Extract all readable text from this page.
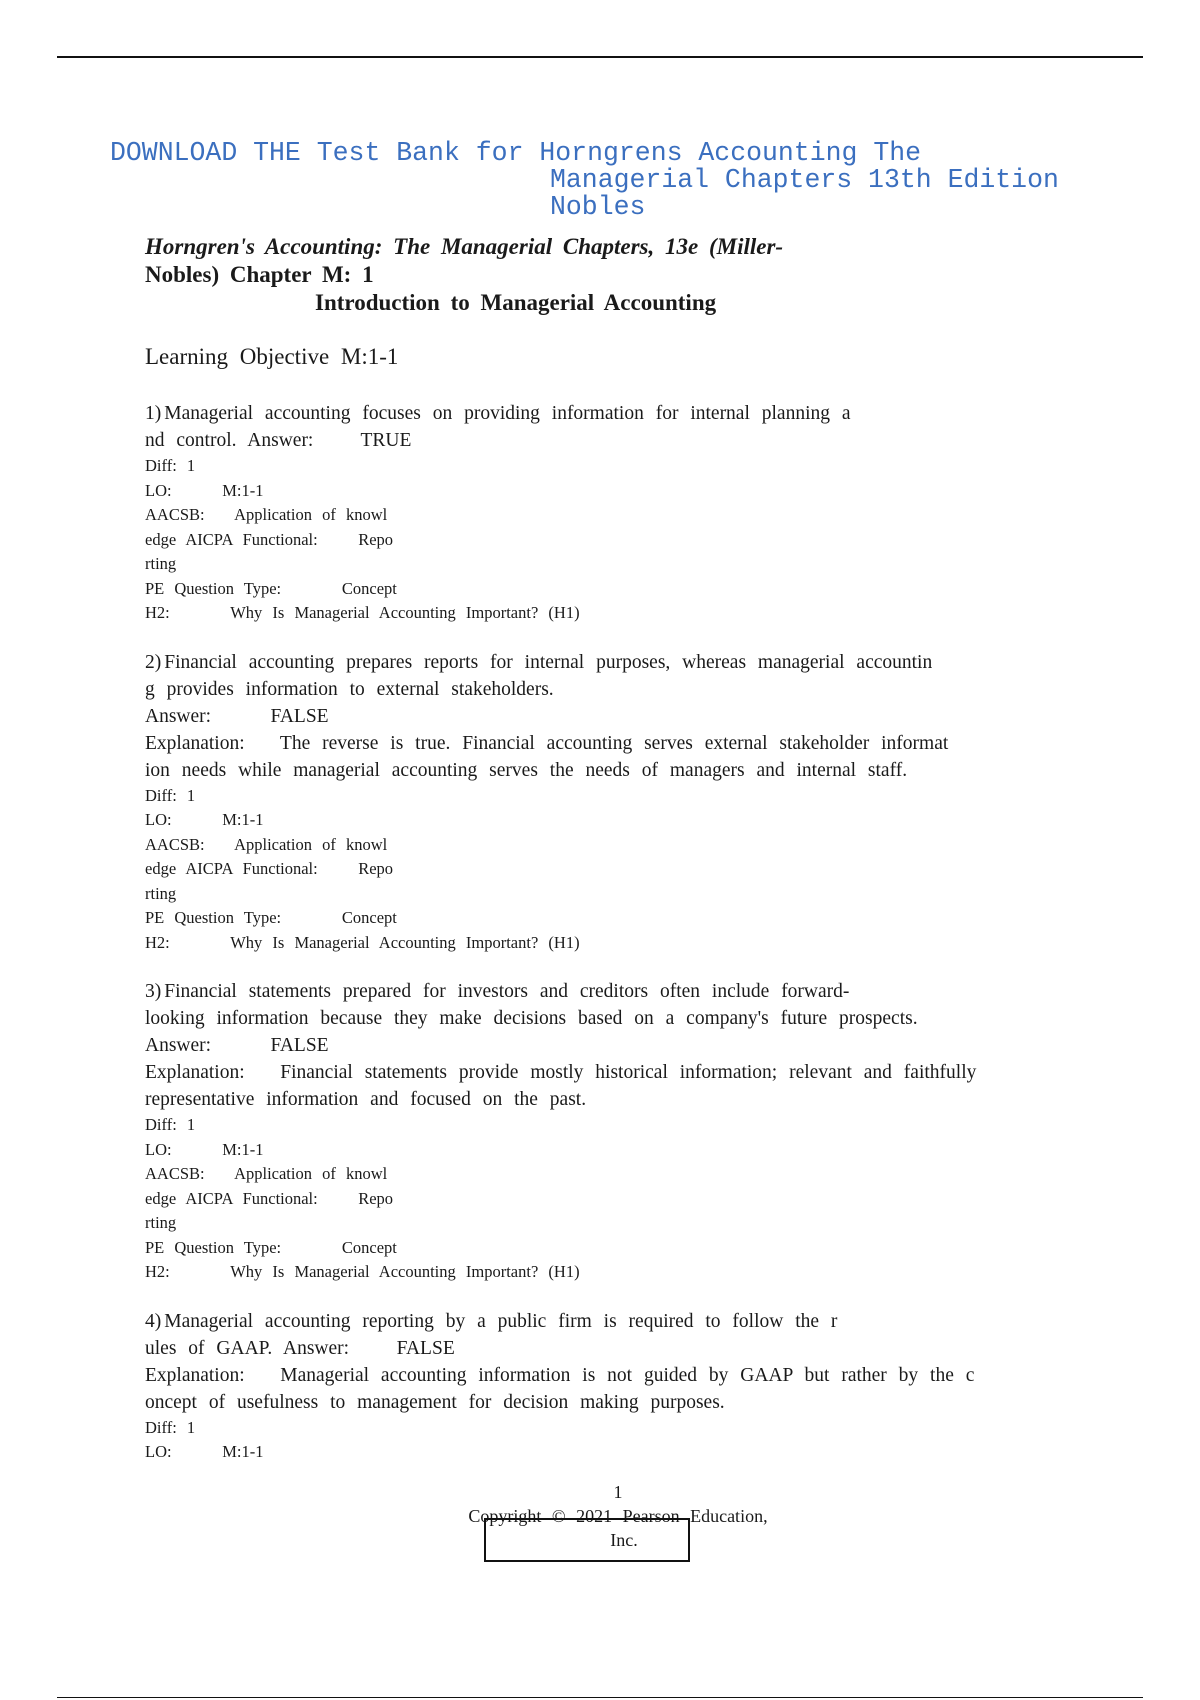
DOWNLOAD THE Test Bank for Horngrens Accounting The
Managerial Chapters 13th Edition
Nobles
Horngren's Accounting: The Managerial Chapters, 13e (Miller-
Nobles) Chapter M: 1
Introduction to Managerial Accounting
Learning Objective M:1-1
1) Managerial accounting focuses on providing information for internal planning a
nd control. Answer:    TRUE
Diff: 1
LO:     M:1-1
AACSB:   Application of knowl
edge AICPA Functional:    Repo
rting
PE Question Type:      Concept
H2:      Why Is Managerial Accounting Important? (H1)
2) Financial accounting prepares reports for internal purposes, whereas managerial accountin
g provides information to external stakeholders.
Answer:     FALSE
Explanation:   The reverse is true. Financial accounting serves external stakeholder informat
ion needs while managerial accounting serves the needs of managers and internal staff.
Diff: 1
LO:     M:1-1
AACSB:   Application of knowl
edge AICPA Functional:    Repo
rting
PE Question Type:      Concept
H2:      Why Is Managerial Accounting Important? (H1)
3) Financial statements prepared for investors and creditors often include forward-
looking information because they make decisions based on a company's future prospects.
Answer:     FALSE
Explanation:   Financial statements provide mostly historical information; relevant and faithfully
representative information and focused on the past.
Diff: 1
LO:     M:1-1
AACSB:   Application of knowl
edge AICPA Functional:    Repo
rting
PE Question Type:      Concept
H2:      Why Is Managerial Accounting Important? (H1)
4) Managerial accounting reporting by a public firm is required to follow the r
ules of GAAP. Answer:    FALSE
Explanation:   Managerial accounting information is not guided by GAAP but rather by the c
oncept of usefulness to management for decision making purposes.
Diff: 1
LO:     M:1-1
1
Copyright © 2021 Pearson Education,
Inc.
